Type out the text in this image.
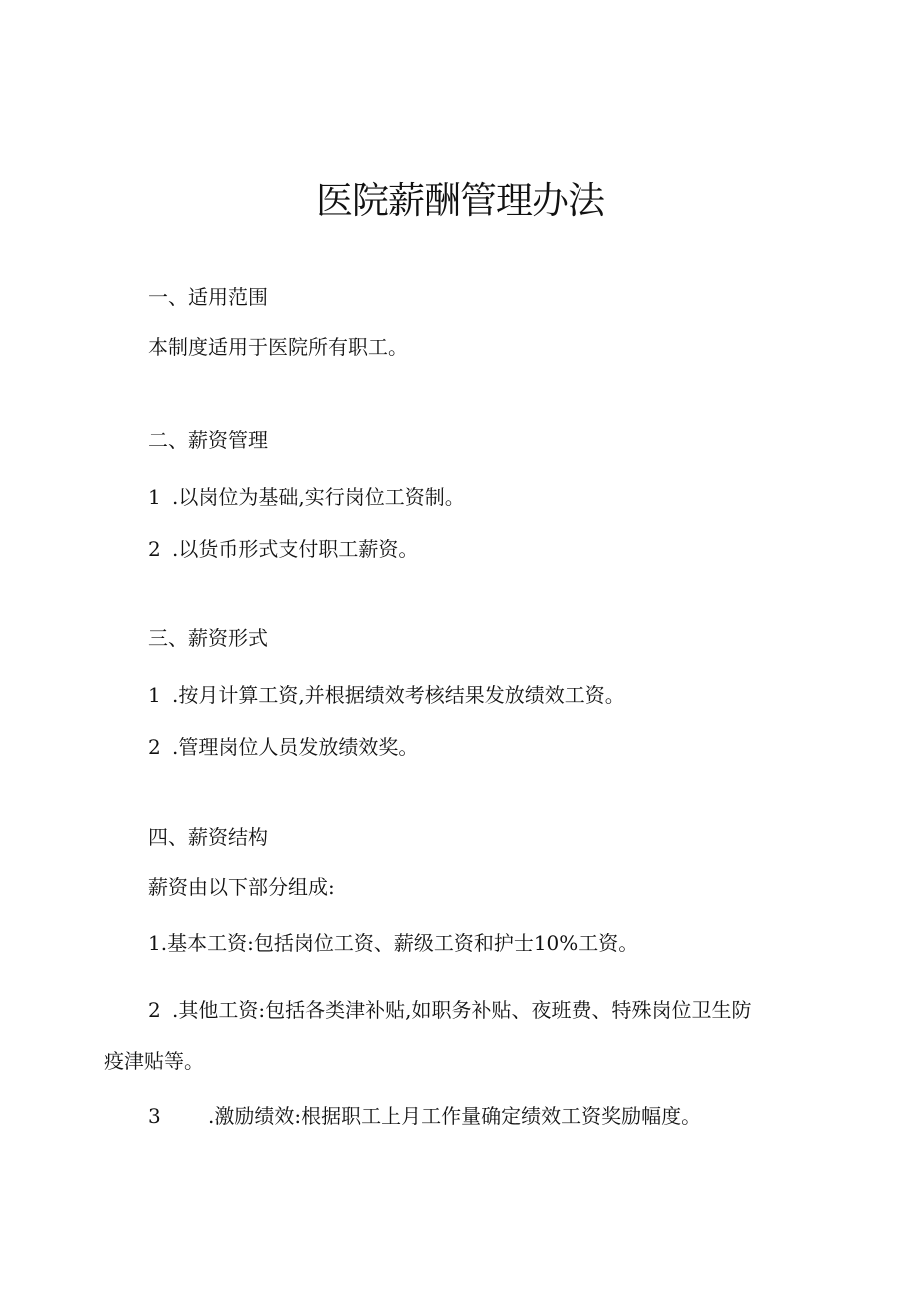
医院薪酬管理办法

一、适用范围

本制度适用于医院所有职工。

二、薪资管理

1 .以岗位为基础,实行岗位工资制。

2 .以货币形式支付职工薪资。

三、薪资形式

1 .按月计算工资,并根据绩效考核结果发放绩效工资。

2 .管理岗位人员发放绩效奖。

四、薪资结构

薪资由以下部分组成:

1.基本工资:包括岗位工资、薪级工资和护士10%工资。

2 .其他工资:包括各类津补贴,如职务补贴、夜班费、特殊岗位卫生防

疫津贴等。

3 .激励绩效:根据职工上月工作量确定绩效工资奖励幅度。
